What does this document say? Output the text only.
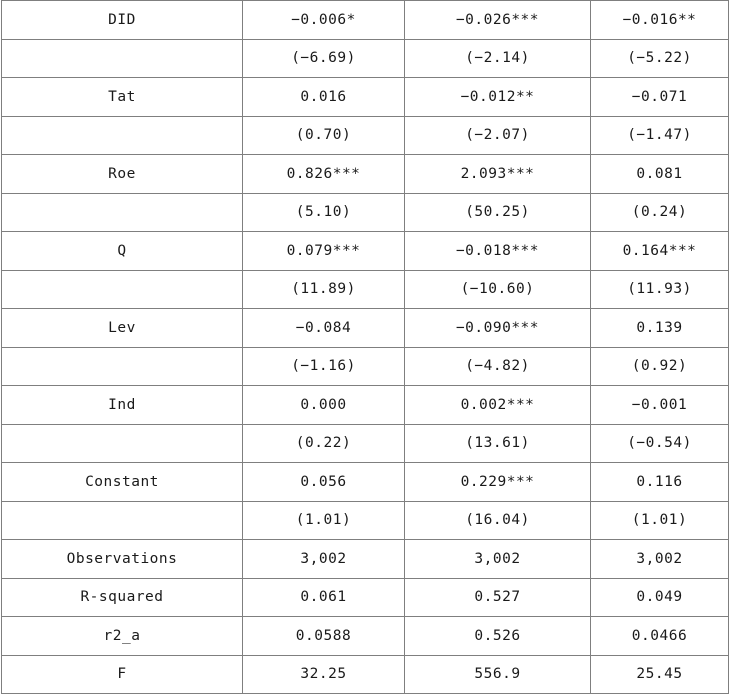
DID	−0.006*	−0.026***	−0.016**
	(−6.69)	(−2.14)	(−5.22)
Tat	0.016	−0.012**	−0.071
	(0.70)	(−2.07)	(−1.47)
Roe	0.826***	2.093***	0.081
	(5.10)	(50.25)	(0.24)
Q	0.079***	−0.018***	0.164***
	(11.89)	(−10.60)	(11.93)
Lev	−0.084	−0.090***	0.139
	(−1.16)	(−4.82)	(0.92)
Ind	0.000	0.002***	−0.001
	(0.22)	(13.61)	(−0.54)
Constant	0.056	0.229***	0.116
	(1.01)	(16.04)	(1.01)
Observations	3,002	3,002	3,002
R-squared	0.061	0.527	0.049
r2_a	0.0588	0.526	0.0466
F	32.25	556.9	25.45
